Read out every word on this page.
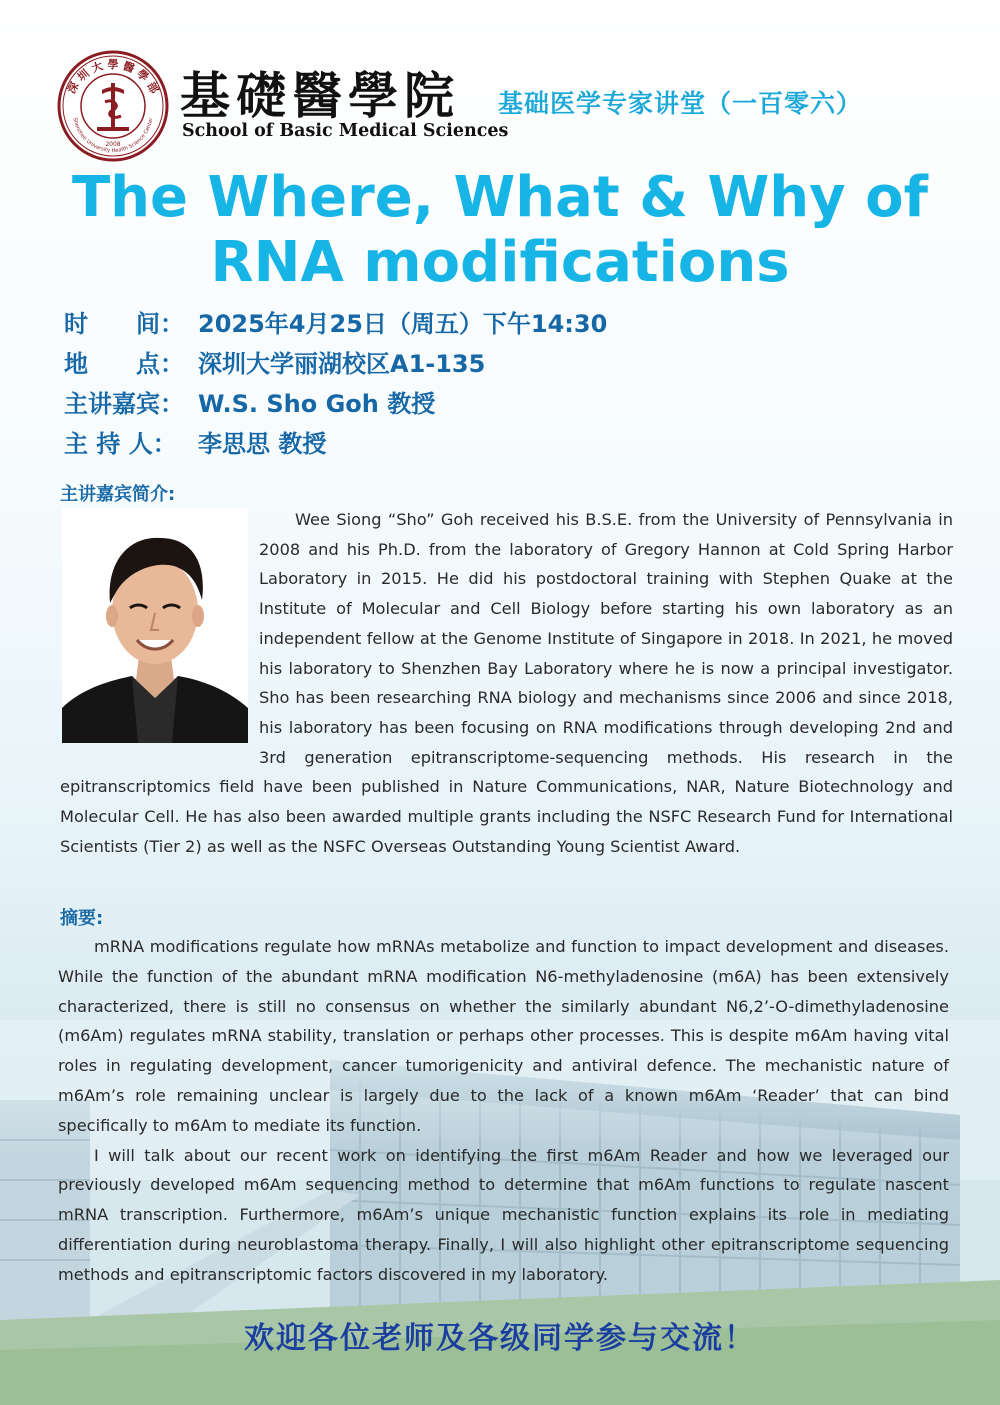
2008
深 圳 大 學 醫 學 部
Shenzhen University Health Science Center 基礎醫學院
School of Basic Medical Sciences
基础医学专家讲堂（一百零六）
The Where, What & Why of
RNA modifications
时　　间： 2025年4月25日（周五）下午14:30
地　　点： 深圳大学丽湖校区A1-135
主讲嘉宾： W.S. Sho Goh 教授
主 持 人： 李思思 教授
主讲嘉宾简介:
Wee Siong “Sho” Goh received his B.S.E. from the University of Pennsylvania in 2008 and his Ph.D. from the laboratory of Gregory Hannon at Cold Spring Harbor Laboratory in 2015. He did his postdoctoral training with Stephen Quake at the Institute of Molecular and Cell Biology before starting his own laboratory as an independent fellow at the Genome Institute of Singapore in 2018. In 2021, he moved his laboratory to Shenzhen Bay Laboratory where he is now a principal investigator. Sho has been researching RNA biology and mechanisms since 2006 and since 2018, his laboratory has been focusing on RNA modifications through developing 2nd and 3rd generation epitranscriptome-sequencing methods. His research in the epitranscriptomics field have been published in Nature Communications, NAR, Nature Biotechnology and Molecular Cell. He has also been awarded multiple grants including the NSFC Research Fund for International Scientists (Tier 2) as well as the NSFC Overseas Outstanding Young Scientist Award.
摘要:

mRNA modifications regulate how mRNAs metabolize and function to impact development and diseases. While the function of the abundant mRNA modification N6-methyladenosine (m6A) has been extensively characterized, there is still no consensus on whether the similarly abundant N6,2’-O-dimethyladenosine (m6Am) regulates mRNA stability, translation or perhaps other processes. This is despite m6Am having vital roles in regulating development, cancer tumorigenicity and antiviral defence. The mechanistic nature of m6Am’s role remaining unclear is largely due to the lack of a known m6Am ‘Reader’ that can bind specifically to m6Am to mediate its function.

I will talk about our recent work on identifying the first m6Am Reader and how we leveraged our previously developed m6Am sequencing method to determine that m6Am functions to regulate nascent mRNA transcription. Furthermore, m6Am’s unique mechanistic function explains its role in mediating differentiation during neuroblastoma therapy. Finally, I will also highlight other epitranscriptome sequencing methods and epitranscriptomic factors discovered in my laboratory.

欢迎各位老师及各级同学参与交流！
